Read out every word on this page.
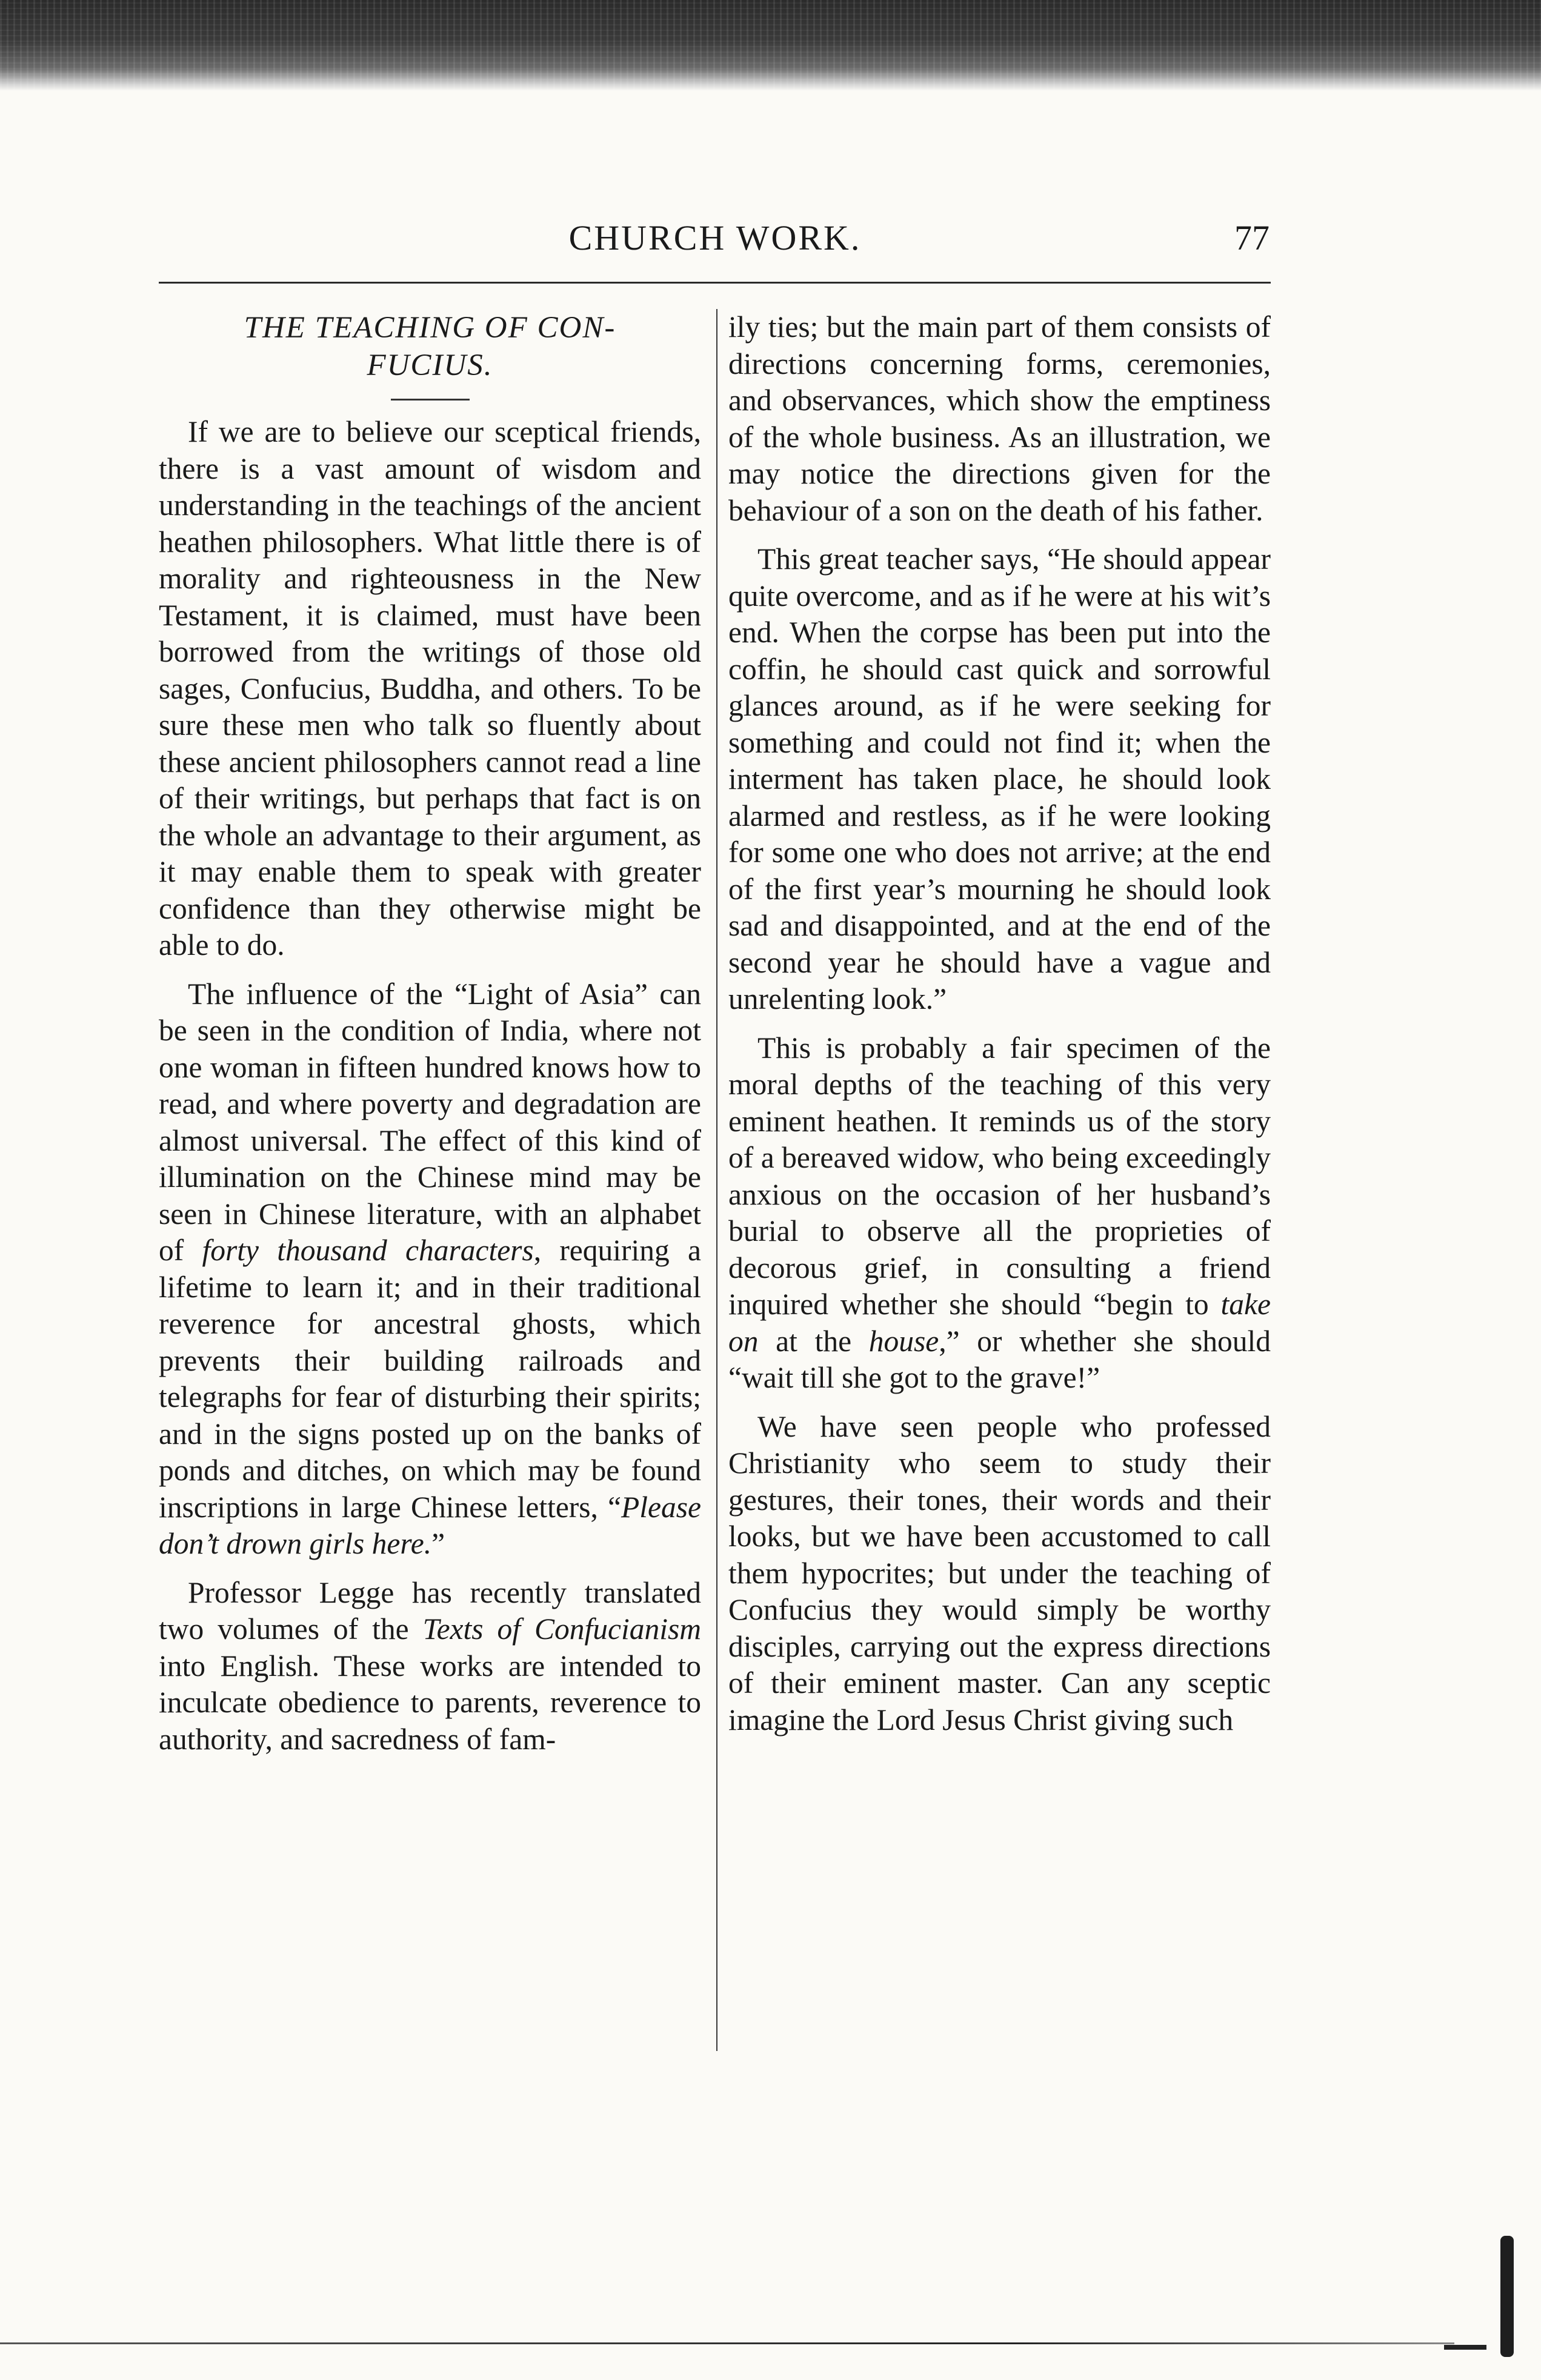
CHURCH WORK.	77
THE TEACHING OF CON-
FUCIUS.

If we are to believe our sceptical friends, there is a vast amount of wisdom and understanding in the teachings of the ancient heathen philosophers. What little there is of morality and righteousness in the New Testament, it is claimed, must have been borrowed from the writings of those old sages, Confucius, Buddha, and others. To be sure these men who talk so fluently about these ancient philosophers cannot read a line of their writings, but perhaps that fact is on the whole an advantage to their argument, as it may enable them to speak with greater confidence than they otherwise might be able to do.

The influence of the “Light of Asia” can be seen in the condition of India, where not one woman in fifteen hundred knows how to read, and where poverty and degradation are almost universal. The effect of this kind of illumination on the Chinese mind may be seen in Chinese literature, with an alphabet of forty thousand characters, requiring a lifetime to learn it; and in their traditional reverence for ancestral ghosts, which prevents their building railroads and telegraphs for fear of disturbing their spirits; and in the signs posted up on the banks of ponds and ditches, on which may be found inscriptions in large Chinese letters, “Please don’t drown girls here.”

Professor Legge has recently translated two volumes of the Texts of Confucianism into English. These works are intended to inculcate obedience to parents, reverence to authority, and sacredness of fam-

ily ties; but the main part of them consists of directions concerning forms, ceremonies, and observances, which show the emptiness of the whole business. As an illustration, we may notice the directions given for the behaviour of a son on the death of his father.

This great teacher says, “He should appear quite overcome, and as if he were at his wit’s end. When the corpse has been put into the coffin, he should cast quick and sorrowful glances around, as if he were seeking for something and could not find it; when the interment has taken place, he should look alarmed and restless, as if he were looking for some one who does not arrive; at the end of the first year’s mourning he should look sad and disappointed, and at the end of the second year he should have a vague and unrelenting look.”

This is probably a fair specimen of the moral depths of the teaching of this very eminent heathen. It reminds us of the story of a bereaved widow, who being exceedingly anxious on the occasion of her husband’s burial to observe all the proprieties of decorous grief, in consulting a friend inquired whether she should “begin to take on at the house,” or whether she should “wait till she got to the grave!”

We have seen people who professed Christianity who seem to study their gestures, their tones, their words and their looks, but we have been accustomed to call them hypocrites; but under the teaching of Confucius they would simply be worthy disciples, carrying out the express directions of their eminent master. Can any sceptic imagine the Lord Jesus Christ giving such
